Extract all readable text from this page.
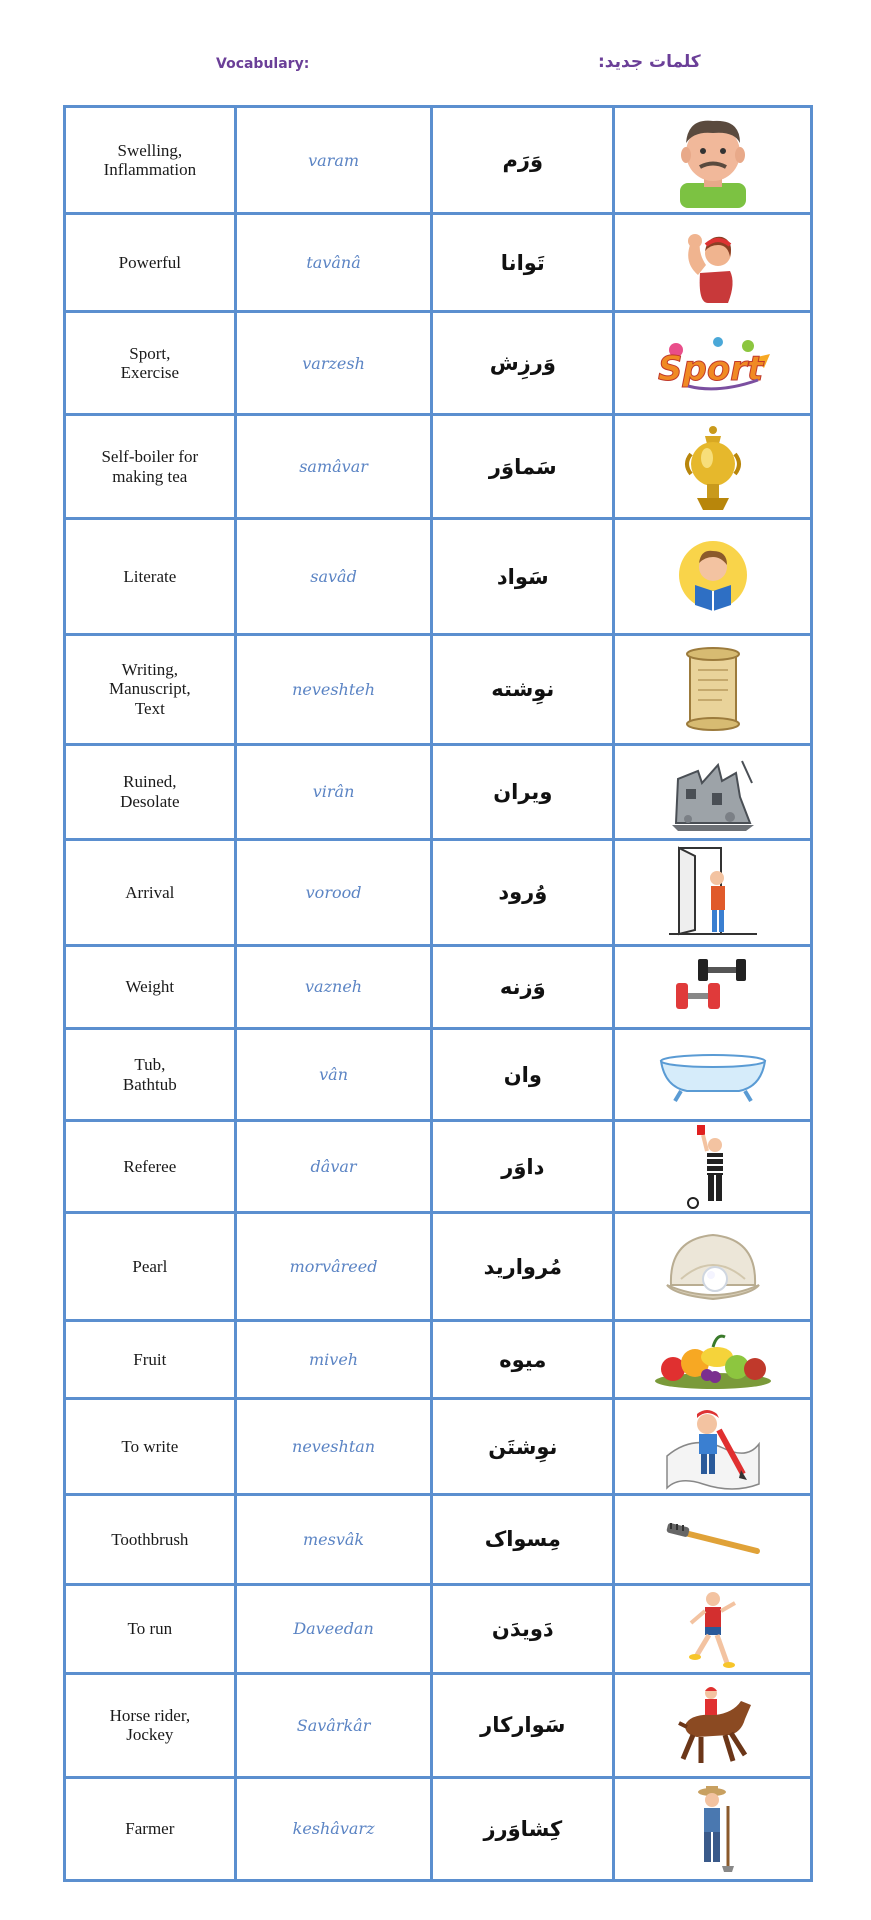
Vocabulary:	کلمات جدید:
Swelling,
Inflammation	varam	وَرَم	

Powerful	tavânâ	تَوانا	

Sport,
Exercise	varzesh	وَرزِش	Sport

Self-boiler for
making tea	samâvar	سَماوَر	

Literate	savâd	سَواد	

Writing,
Manuscript,
Text	neveshteh	نوِشته	

Ruined,
Desolate	virân	ویران	

Arrival	vorood	وُرود	

Weight	vazneh	وَزنه	

Tub,
Bathtub	vân	وان	

Referee	dâvar	داوَر	

Pearl	morvâreed	مُروارید	

Fruit	miveh	میوه	

To write	neveshtan	نوِشتَن	

Toothbrush	mesvâk	مِسواک	

To run	Daveedan	دَویدَن	

Horse rider,
Jockey	Savârkâr	سَوارکار	

Farmer	keshâvarz	کِشاوَرز	
